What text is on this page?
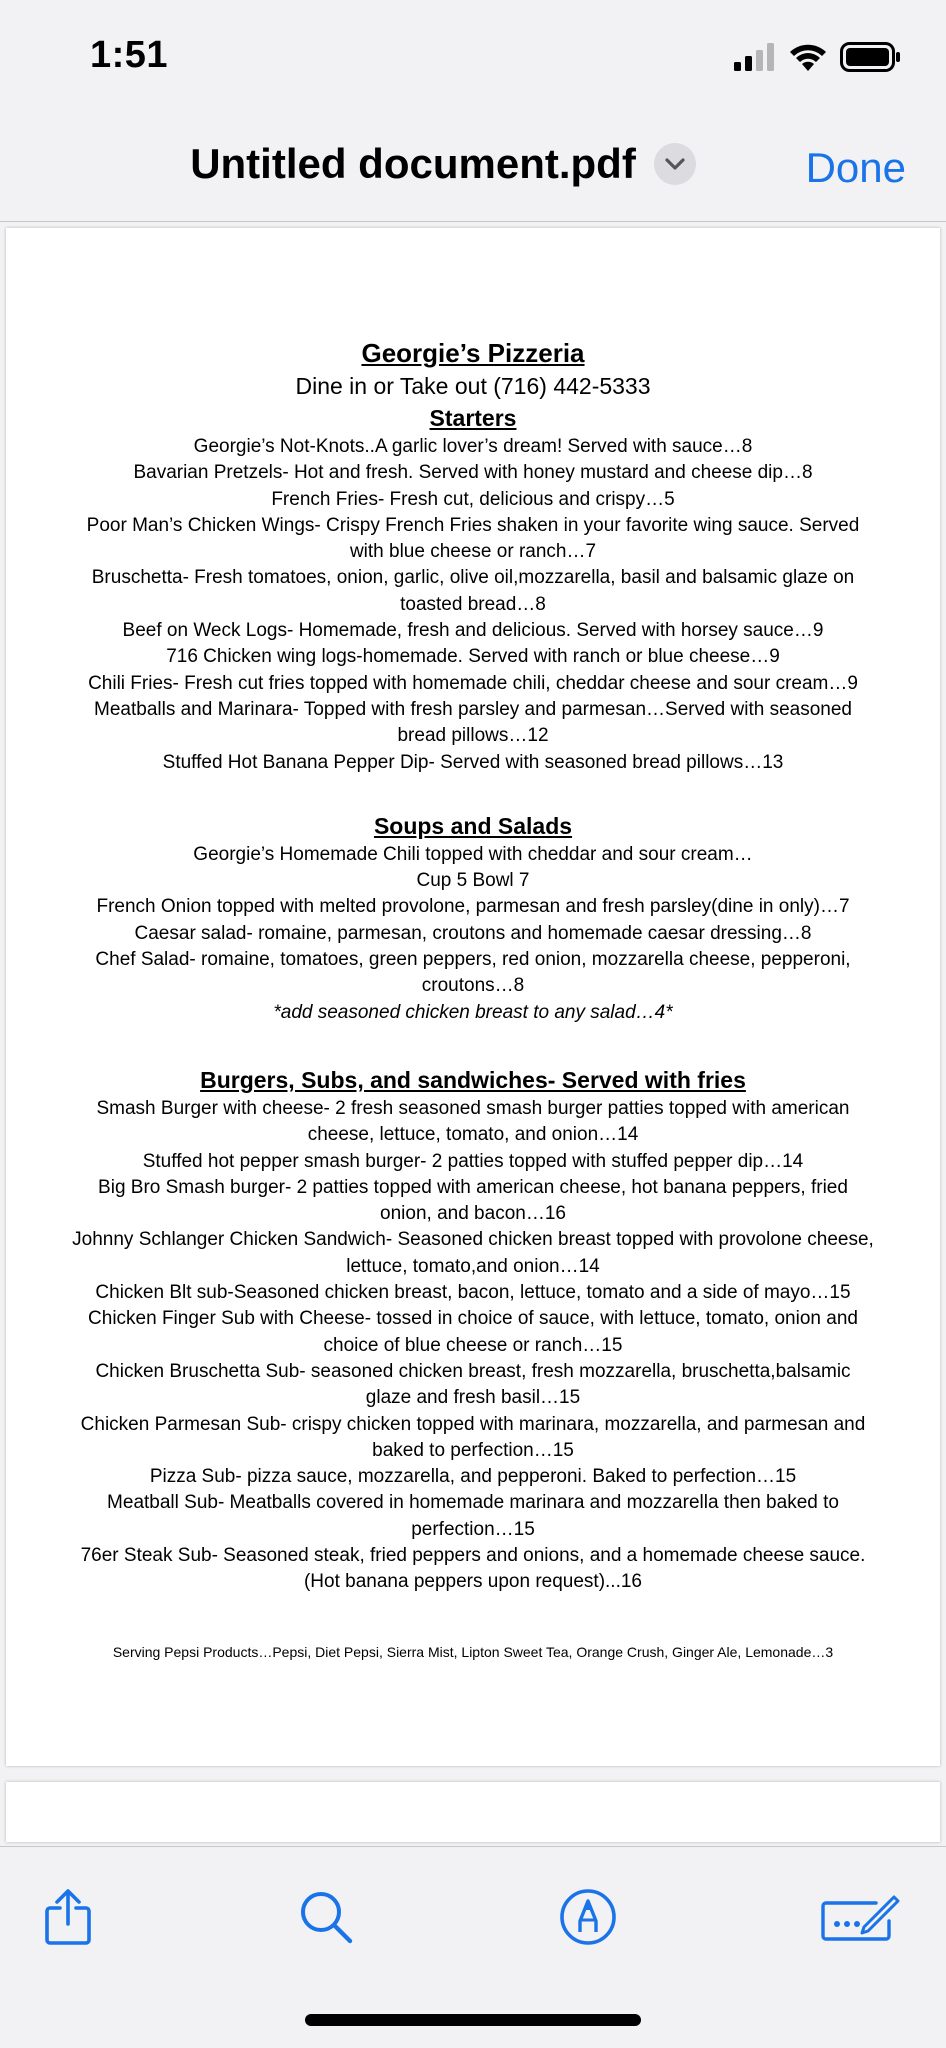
1:51
Untitled document.pdf	Done
Georgie’s Pizzeria
Dine in or Take out (716) 442-5333
Starters
Georgie’s Not-Knots..A garlic lover’s dream! Served with sauce…8
Bavarian Pretzels- Hot and fresh. Served with honey mustard and cheese dip…8
French Fries- Fresh cut, delicious and crispy…5
Poor Man’s Chicken Wings- Crispy French Fries shaken in your favorite wing sauce. Served
with blue cheese or ranch…7
Bruschetta- Fresh tomatoes, onion, garlic, olive oil,mozzarella, basil and balsamic glaze on
toasted bread…8
Beef on Weck Logs- Homemade, fresh and delicious. Served with horsey sauce…9
716 Chicken wing logs-homemade. Served with ranch or blue cheese…9
Chili Fries- Fresh cut fries topped with homemade chili, cheddar cheese and sour cream…9
Meatballs and Marinara- Topped with fresh parsley and parmesan…Served with seasoned
bread pillows…12
Stuffed Hot Banana Pepper Dip- Served with seasoned bread pillows…13
Soups and Salads
Georgie’s Homemade Chili topped with cheddar and sour cream…
Cup 5 Bowl 7
French Onion topped with melted provolone, parmesan and fresh parsley(dine in only)…7
Caesar salad- romaine, parmesan, croutons and homemade caesar dressing…8
Chef Salad- romaine, tomatoes, green peppers, red onion, mozzarella cheese, pepperoni,
croutons…8
*add seasoned chicken breast to any salad…4*
Burgers, Subs, and sandwiches- Served with fries
Smash Burger with cheese- 2 fresh seasoned smash burger patties topped with american
cheese, lettuce, tomato, and onion…14
Stuffed hot pepper smash burger- 2 patties topped with stuffed pepper dip…14
Big Bro Smash burger- 2 patties topped with american cheese, hot banana peppers, fried
onion, and bacon…16
Johnny Schlanger Chicken Sandwich- Seasoned chicken breast topped with provolone cheese,
lettuce, tomato,and onion…14
Chicken Blt sub-Seasoned chicken breast, bacon, lettuce, tomato and a side of mayo…15
Chicken Finger Sub with Cheese- tossed in choice of sauce, with lettuce, tomato, onion and
choice of blue cheese or ranch…15
Chicken Bruschetta Sub- seasoned chicken breast, fresh mozzarella, bruschetta,balsamic
glaze and fresh basil…15
Chicken Parmesan Sub- crispy chicken topped with marinara, mozzarella, and parmesan and
baked to perfection…15
Pizza Sub- pizza sauce, mozzarella, and pepperoni. Baked to perfection…15
Meatball Sub- Meatballs covered in homemade marinara and mozzarella then baked to
perfection…15
76er Steak Sub- Seasoned steak, fried peppers and onions, and a homemade cheese sauce.
(Hot banana peppers upon request)...16
Serving Pepsi Products…Pepsi, Diet Pepsi, Sierra Mist, Lipton Sweet Tea, Orange Crush, Ginger Ale, Lemonade…3
